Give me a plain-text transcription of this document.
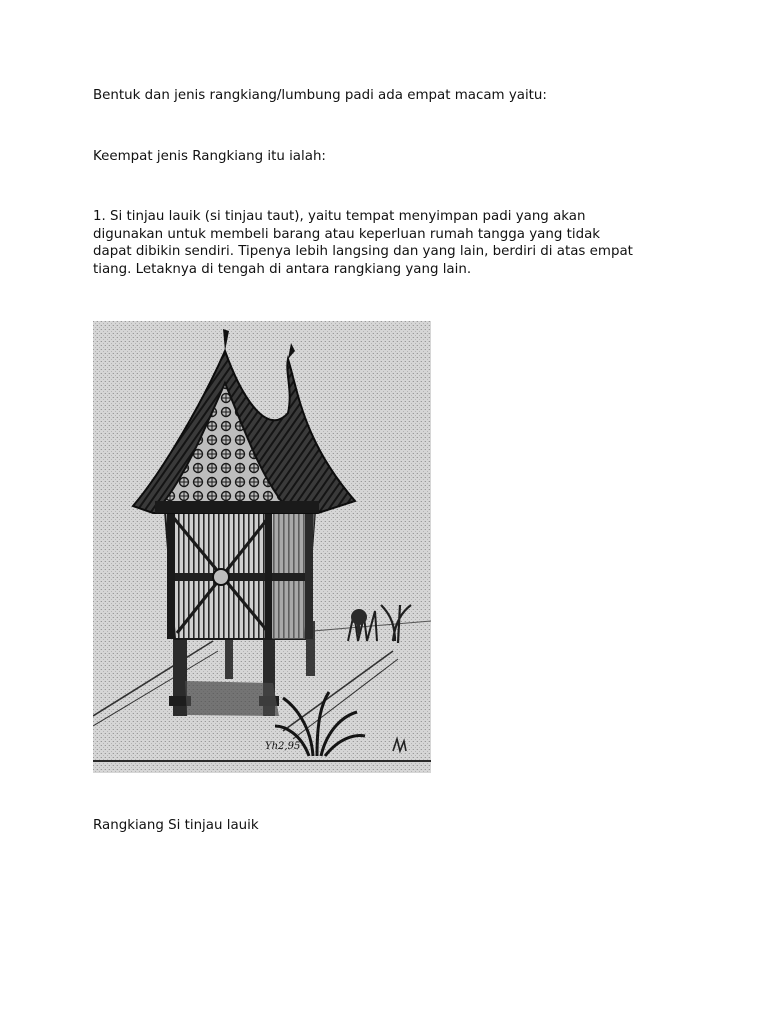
Bentuk dan jenis rangkiang/lumbung padi ada empat macam yaitu:

Keempat jenis Rangkiang itu ialah:

1. Si tinjau lauik (si tinjau taut), yaitu tempat menyimpan padi yang akan
digunakan untuk membeli barang atau keperluan rumah tangga yang tidak
dapat dibikin sendiri. Tipenya lebih langsing dan yang lain, berdiri di atas empat
tiang. Letaknya di tengah di antara rangkiang yang lain.

Yh2,95

Rangkiang Si tinjau lauik
